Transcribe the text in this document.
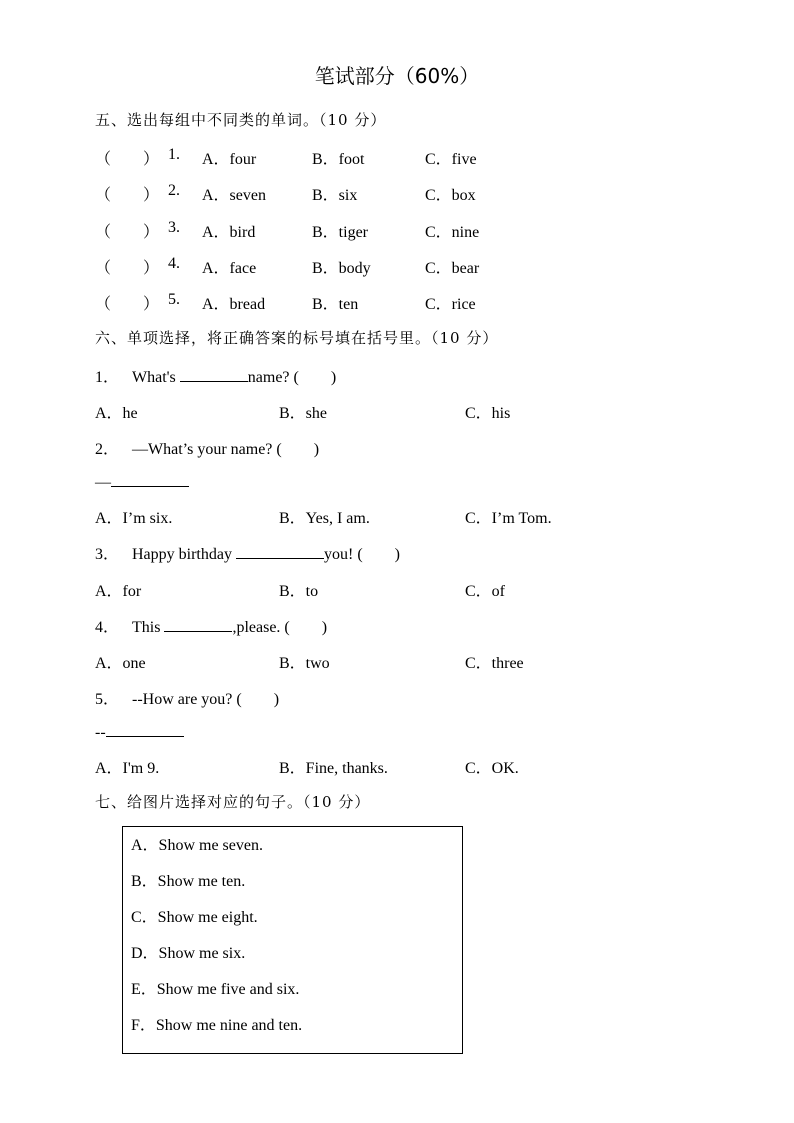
笔试部分（60%）
五、选出每组中不同类的单词。（10 分）
（　　） 1. A．four	B．foot	C．five
（　　） 2. A．seven	B．six	C．box
（　　） 3. A．bird	B．tiger	C．nine
（　　） 4. A．face	B．body	C．bear
（　　） 5. A．bread	B．ten	C．rice
六、单项选择，将正确答案的标号填在括号里。（10 分）
1． What's	name? (　　)
A．he	B．she	C．his
2． —What’s your name? (　　)
—
A．I’m six.	B．Yes, I am.	C．I’m Tom.
3． Happy birthday	you! (　　)
A．for	B．to	C．of
4． This	,please. (　　)
A．one	B．two	C．three
5． --How are you? (　　)
--
A．I'm 9.	B．Fine, thanks.	C．OK.
七、给图片选择对应的句子。（10 分）
A．Show me seven.
B．Show me ten.
C．Show me eight.
D．Show me six.
E．Show me five and six.
F．Show me nine and ten.
